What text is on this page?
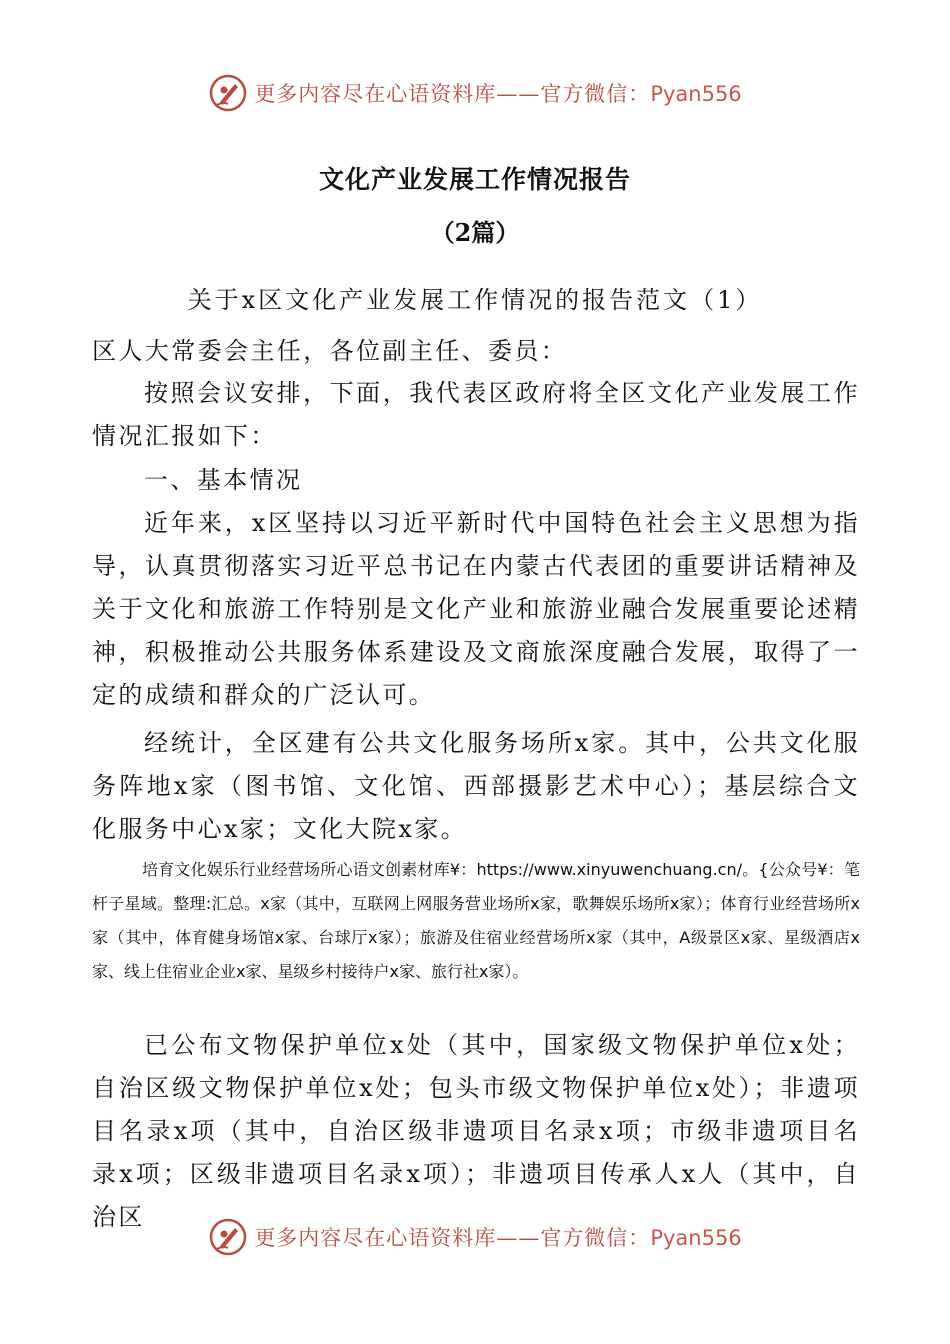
更多内容尽在心语资料库——官方微信：Pyan556
文化产业发展工作情况报告
（2篇）
关于x区文化产业发展工作情况的报告范文（1）
区人大常委会主任，各位副主任、委员：
按照会议安排，下面，我代表区政府将全区文化产业发展工作情况汇报如下：
一、基本情况
近年来，x区坚持以习近平新时代中国特色社会主义思想为指导，认真贯彻落实习近平总书记在内蒙古代表团的重要讲话精神及关于文化和旅游工作特别是文化产业和旅游业融合发展重要论述精神，积极推动公共服务体系建设及文商旅深度融合发展，取得了一定的成绩和群众的广泛认可。
经统计，全区建有公共文化服务场所x家。其中，公共文化服务阵地x家（图书馆、文化馆、西部摄影艺术中心）；基层综合文化服务中心x家；文化大院x家。
培育文化娱乐行业经营场所心语文创素材库¥：https://www.xinyuwenchuang.cn/。{公众号¥：笔杆子星域。整理:汇总。x家（其中，互联网上网服务营业场所x家，歌舞娱乐场所x家）；体育行业经营场所x家（其中，体育健身场馆x家、台球厅x家）；旅游及住宿业经营场所x家（其中，A级景区x家、星级酒店x家、线上住宿业企业x家、星级乡村接待户x家、旅行社x家）。
已公布文物保护单位x处（其中，国家级文物保护单位x处；自治区级文物保护单位x处；包头市级文物保护单位x处）；非遗项目名录x项（其中，自治区级非遗项目名录x项；市级非遗项目名录x项；区级非遗项目名录x项）；非遗项目传承人x人（其中，自治区
更多内容尽在心语资料库——官方微信：Pyan556
